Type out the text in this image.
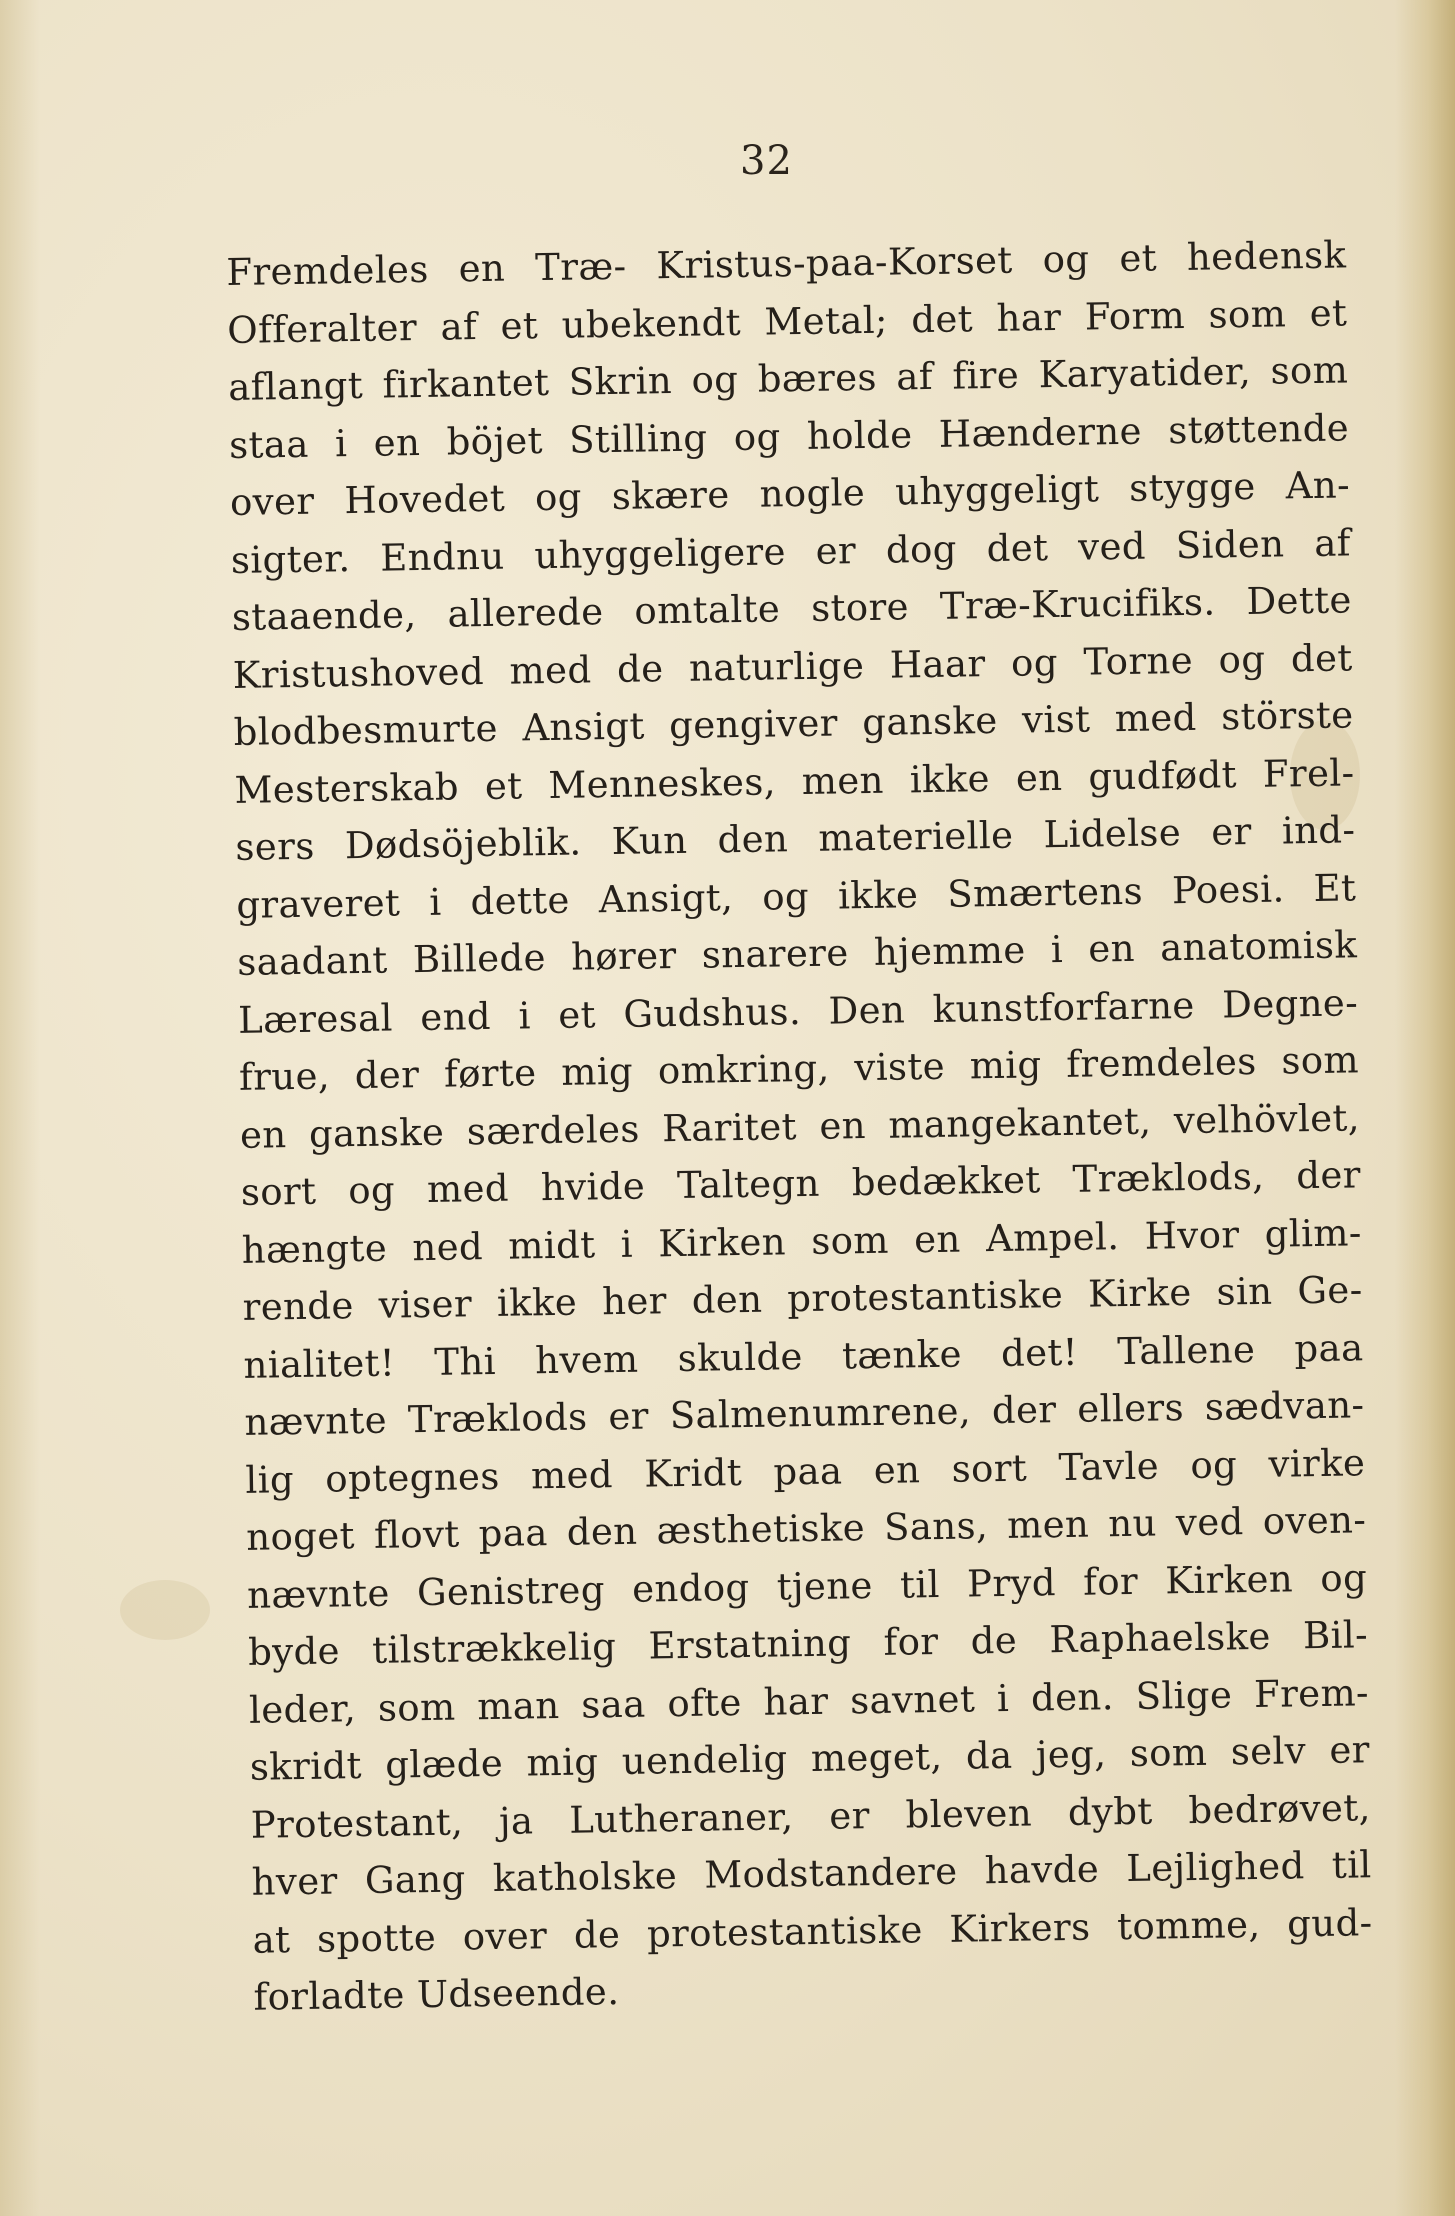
32
Fremdeles en Træ- Kristus-paa-Korset og et hedensk
Offeralter af et ubekendt Metal; det har Form som et
aflangt firkantet Skrin og bæres af fire Karyatider, som
staa i en böjet Stilling og holde Hænderne støttende
over Hovedet og skære nogle uhyggeligt stygge An-
sigter. Endnu uhyggeligere er dog det ved Siden af
staaende, allerede omtalte store Træ-Krucifiks. Dette
Kristushoved med de naturlige Haar og Torne og det
blodbesmurte Ansigt gengiver ganske vist med störste
Mesterskab et Menneskes, men ikke en gudfødt Frel-
sers Dødsöjeblik. Kun den materielle Lidelse er ind-
graveret i dette Ansigt, og ikke Smærtens Poesi. Et
saadant Billede hører snarere hjemme i en anatomisk
Læresal end i et Gudshus. Den kunstforfarne Degne-
frue, der førte mig omkring, viste mig fremdeles som
en ganske særdeles Raritet en mangekantet, velhövlet,
sort og med hvide Taltegn bedækket Træklods, der
hængte ned midt i Kirken som en Ampel. Hvor glim-
rende viser ikke her den protestantiske Kirke sin Ge-
nialitet! Thi hvem skulde tænke det! Tallene paa
nævnte Træklods er Salmenumrene, der ellers sædvan-
lig optegnes med Kridt paa en sort Tavle og virke
noget flovt paa den æsthetiske Sans, men nu ved oven-
nævnte Genistreg endog tjene til Pryd for Kirken og
byde tilstrækkelig Erstatning for de Raphaelske Bil-
leder, som man saa ofte har savnet i den. Slige Frem-
skridt glæde mig uendelig meget, da jeg, som selv er
Protestant, ja Lutheraner, er bleven dybt bedrøvet,
hver Gang katholske Modstandere havde Lejlighed til
at spotte over de protestantiske Kirkers tomme, gud-
forladte Udseende.
